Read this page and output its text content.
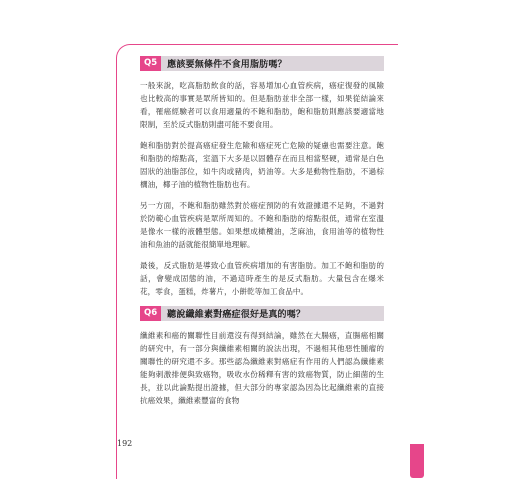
Q5	應該要無條件不食用脂肪嗎？

一般來說，吃高脂肪飲食的話，容易增加心血管疾病，癌症復發的風險也比較高的事實是眾所皆知的。但是脂肪並非全部一樣，如果從結論來看，罹癌經驗者可以食用適量的不飽和脂肪，飽和脂肪則應該要適當地限制，至於反式脂肪則盡可能不要食用。

飽和脂肪對於提高癌症發生危險和癌症死亡危險的疑慮也需要注意。飽和脂肪的熔點高，室溫下大多是以固體存在而且相當堅硬，通常是白色固狀的油脂部位，如牛肉或豬肉，奶油等。大多是動物性脂肪，不過棕櫚油，椰子油的植物性脂肪也有。

另一方面，不飽和脂肪雖然對於癌症預防的有效證據還不足夠，不過對於防範心血管疾病是眾所周知的。不飽和脂肪的熔點很低，通常在室溫是像水一樣的液體型態。如果想成橄欖油，芝麻油，食用油等的植物性油和魚油的話就能很簡單地理解。

最後，反式脂肪是導致心血管疾病增加的有害脂肪。加工不飽和脂肪的話，會變成固態的油，不過這時產生的是反式脂肪。大量包含在爆米花，零食，蛋糕，炸薯片，小餅乾等加工食品中。

Q6	聽說纖維素對癌症很好是真的嗎？

纖維素和癌的關聯性目前還沒有得到結論，雖然在大腸癌，直腸癌相關的研究中，有一部分與纖維素相關的說法出現，不過相其他惡性腫瘤的關聯性的研究還不多。那些認為纖維素對癌症有作用的人們認為纖維素能夠刺激排便與致癌物，吸收水份稀釋有害的致癌物質，防止細菌的生長，並以此論點提出證據，但大部分的專家認為因為比起纖維素的直接抗癌效果，纖維素豐富的食物

192
